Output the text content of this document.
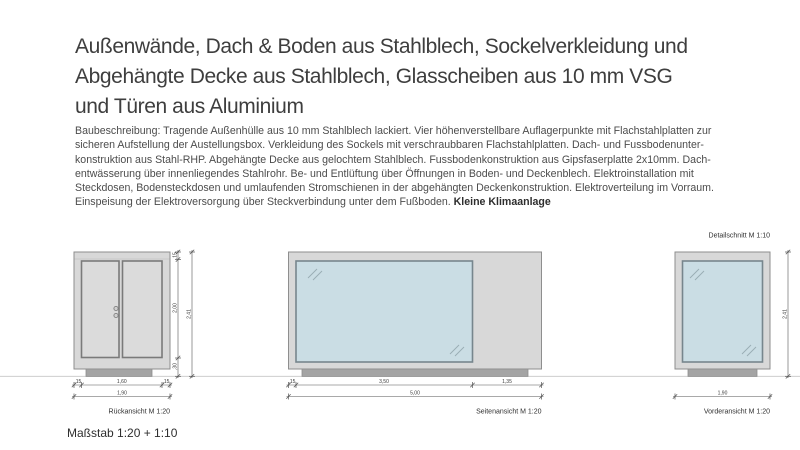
Außenwände, Dach & Boden aus Stahlblech, Sockelverkleidung und
Abgehängte Decke aus Stahlblech, Glasscheiben aus 10 mm VSG
und Türen aus Aluminium
Baubeschreibung: Tragende Außenhülle aus 10 mm Stahlblech lackiert. Vier höhenverstellbare Auflagerpunkte mit Flachstahlplatten zur
sicheren Aufstellung der Austellungsbox. Verkleidung des Sockels mit verschraubbaren Flachstahlplatten. Dach- und Fussbodenunter-
konstruktion aus Stahl-RHP. Abgehängte Decke aus gelochtem Stahlblech. Fussbodenkonstruktion aus Gipsfaserplatte 2x10mm. Dach-
entwässerung über innenliegendes Stahlrohr. Be- und Entlüftung über Öffnungen in Boden- und Deckenblech. Elektroinstallation mit
Steckdosen, Bodensteckdosen und umlaufenden Stromschienen in der abgehängten Deckenkonstruktion. Elektroverteilung im Vorraum.
Einspeisung der Elektroversorgung über Steckverbindung unter dem Fußboden. Kleine Klimaanlage
,15	1,60	,15
1,90
,15
2,00
,30
2,41
Rückansicht M 1:20
,15	3,50	1,35
5,00
Seitenansicht M 1:20
Detailschnitt M 1:10
1,90
2,41
Vorderansicht M 1:20
Maßstab 1:20 + 1:10
